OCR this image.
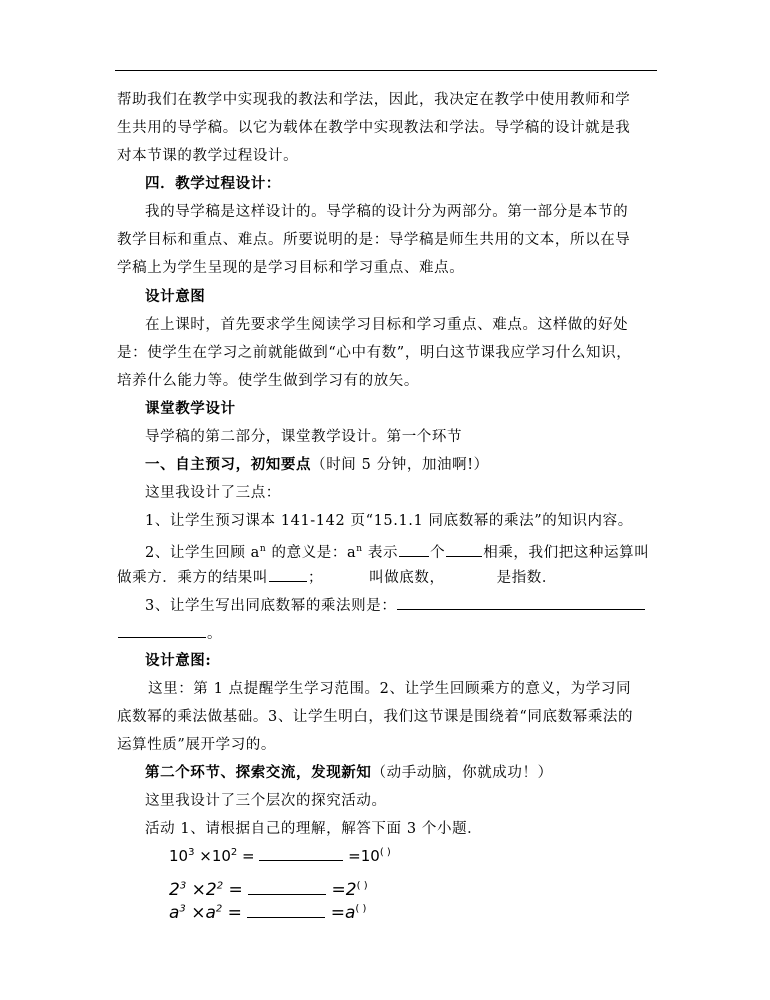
帮助我们在教学中实现我的教法和学法，因此，我决定在教学中使用教师和学
生共用的导学稿。以它为载体在教学中实现教法和学法。导学稿的设计就是我
对本节课的教学过程设计。
四．教学过程设计：
我的导学稿是这样设计的。导学稿的设计分为两部分。第一部分是本节的
教学目标和重点、难点。所要说明的是：导学稿是师生共用的文本，所以在导
学稿上为学生呈现的是学习目标和学习重点、难点。
设计意图
在上课时，首先要求学生阅读学习目标和学习重点、难点。这样做的好处
是：使学生在学习之前就能做到“心中有数”，明白这节课我应学习什么知识，
培养什么能力等。使学生做到学习有的放矢。
课堂教学设计
导学稿的第二部分，课堂教学设计。第一个环节
一、自主预习，初知要点（时间 5 分钟，加油啊!）
这里我设计了三点：
1、让学生预习课本 141-142 页“15.1.1 同底数幂的乘法”的知识内容。
2、让学生回顾 $a^n$ 的意义是：$a^n$ 表示 个	相乘，我们把这种运算叫
做乘方．乘方的结果叫	；	叫做底数，	是指数．
3、让学生写出同底数幂的乘法则是：
。
设计意图:
这里：第 1 点提醒学生学习范围。2、让学生回顾乘方的意义，为学习同
底数幂的乘法做基础。3、让学生明白，我们这节课是围绕着“同底数幂乘法的
运算性质”展开学习的。
第二个环节、探索交流，发现新知（动手动脑，你就成功！）
这里我设计了三个层次的探究活动。
活动 1、请根据自己的理解，解答下面 3 个小题．
$10^3 \times 10^2$ =	=10( )
$2^3 \times 2^2$ =	=2( )
$a^3 \times a^2$ =	=a( )
